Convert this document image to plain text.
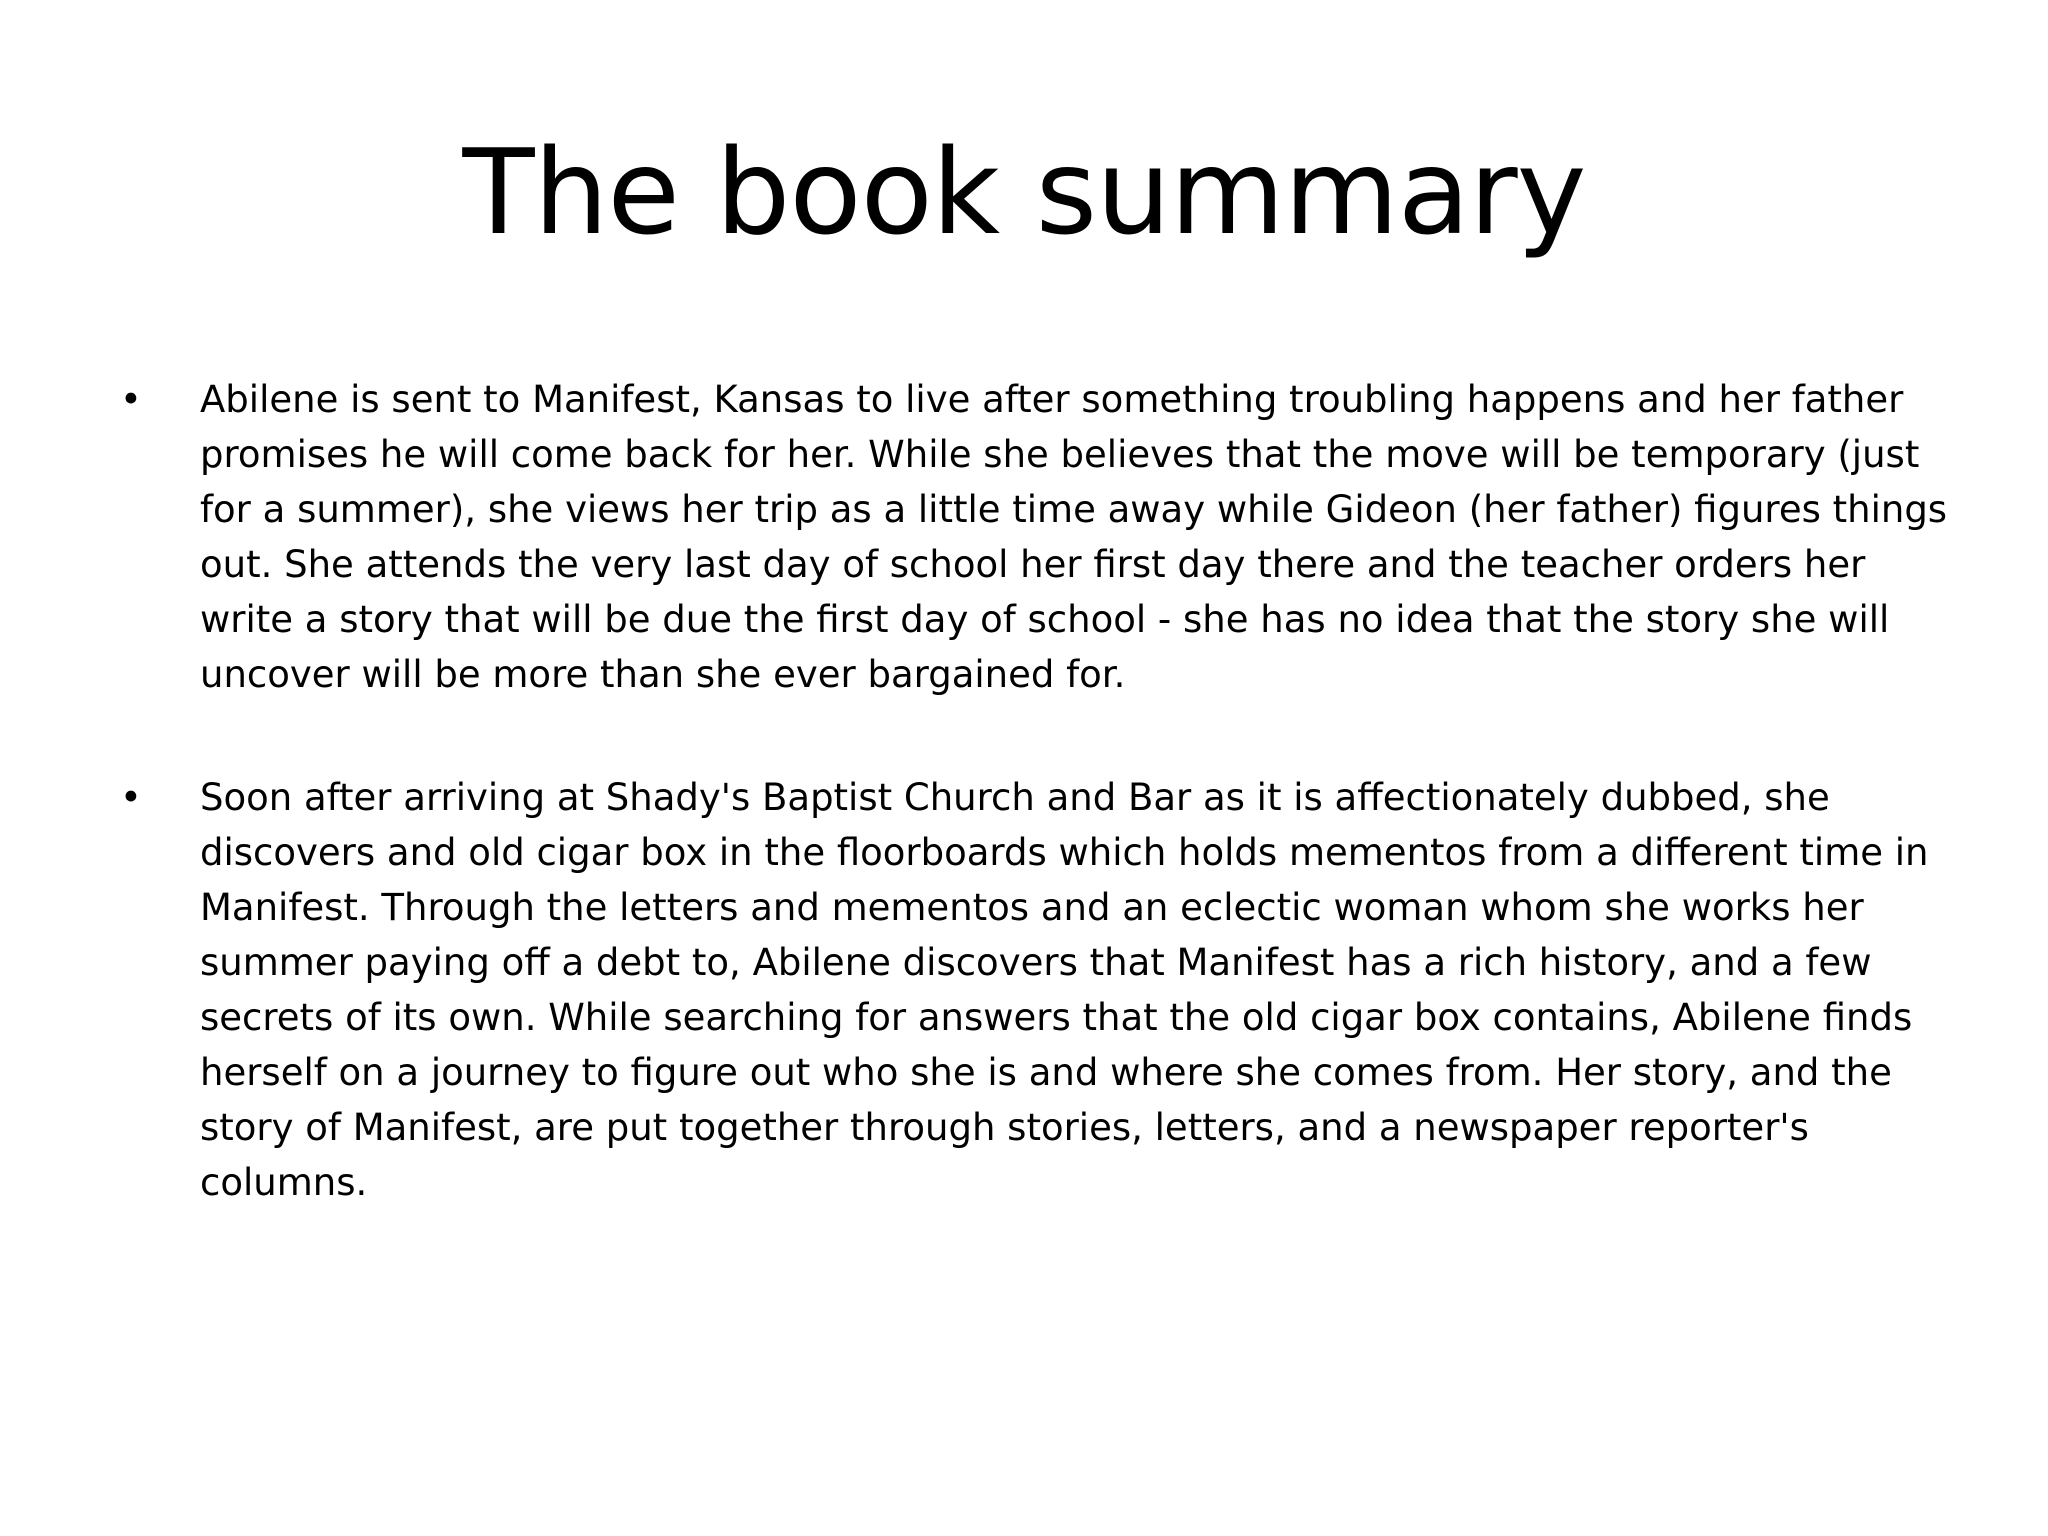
The book summary
•	Abilene is sent to Manifest, Kansas to live after something troubling happens and her father promises he will come back for her. While she believes that the move will be temporary (just for a summer), she views her trip as a little time away while Gideon (her father) figures things out. She attends the very last day of school her first day there and the teacher orders her write a story that will be due the first day of school - she has no idea that the story she will uncover will be more than she ever bargained for.
•	Soon after arriving at Shady's Baptist Church and Bar as it is affectionately dubbed, she discovers and old cigar box in the floorboards which holds mementos from a different time in Manifest. Through the letters and mementos and an eclectic woman whom she works her summer paying off a debt to, Abilene discovers that Manifest has a rich history, and a few secrets of its own. While searching for answers that the old cigar box contains, Abilene finds herself on a journey to figure out who she is and where she comes from. Her story, and the story of Manifest, are put together through stories, letters, and a newspaper reporter's columns.
